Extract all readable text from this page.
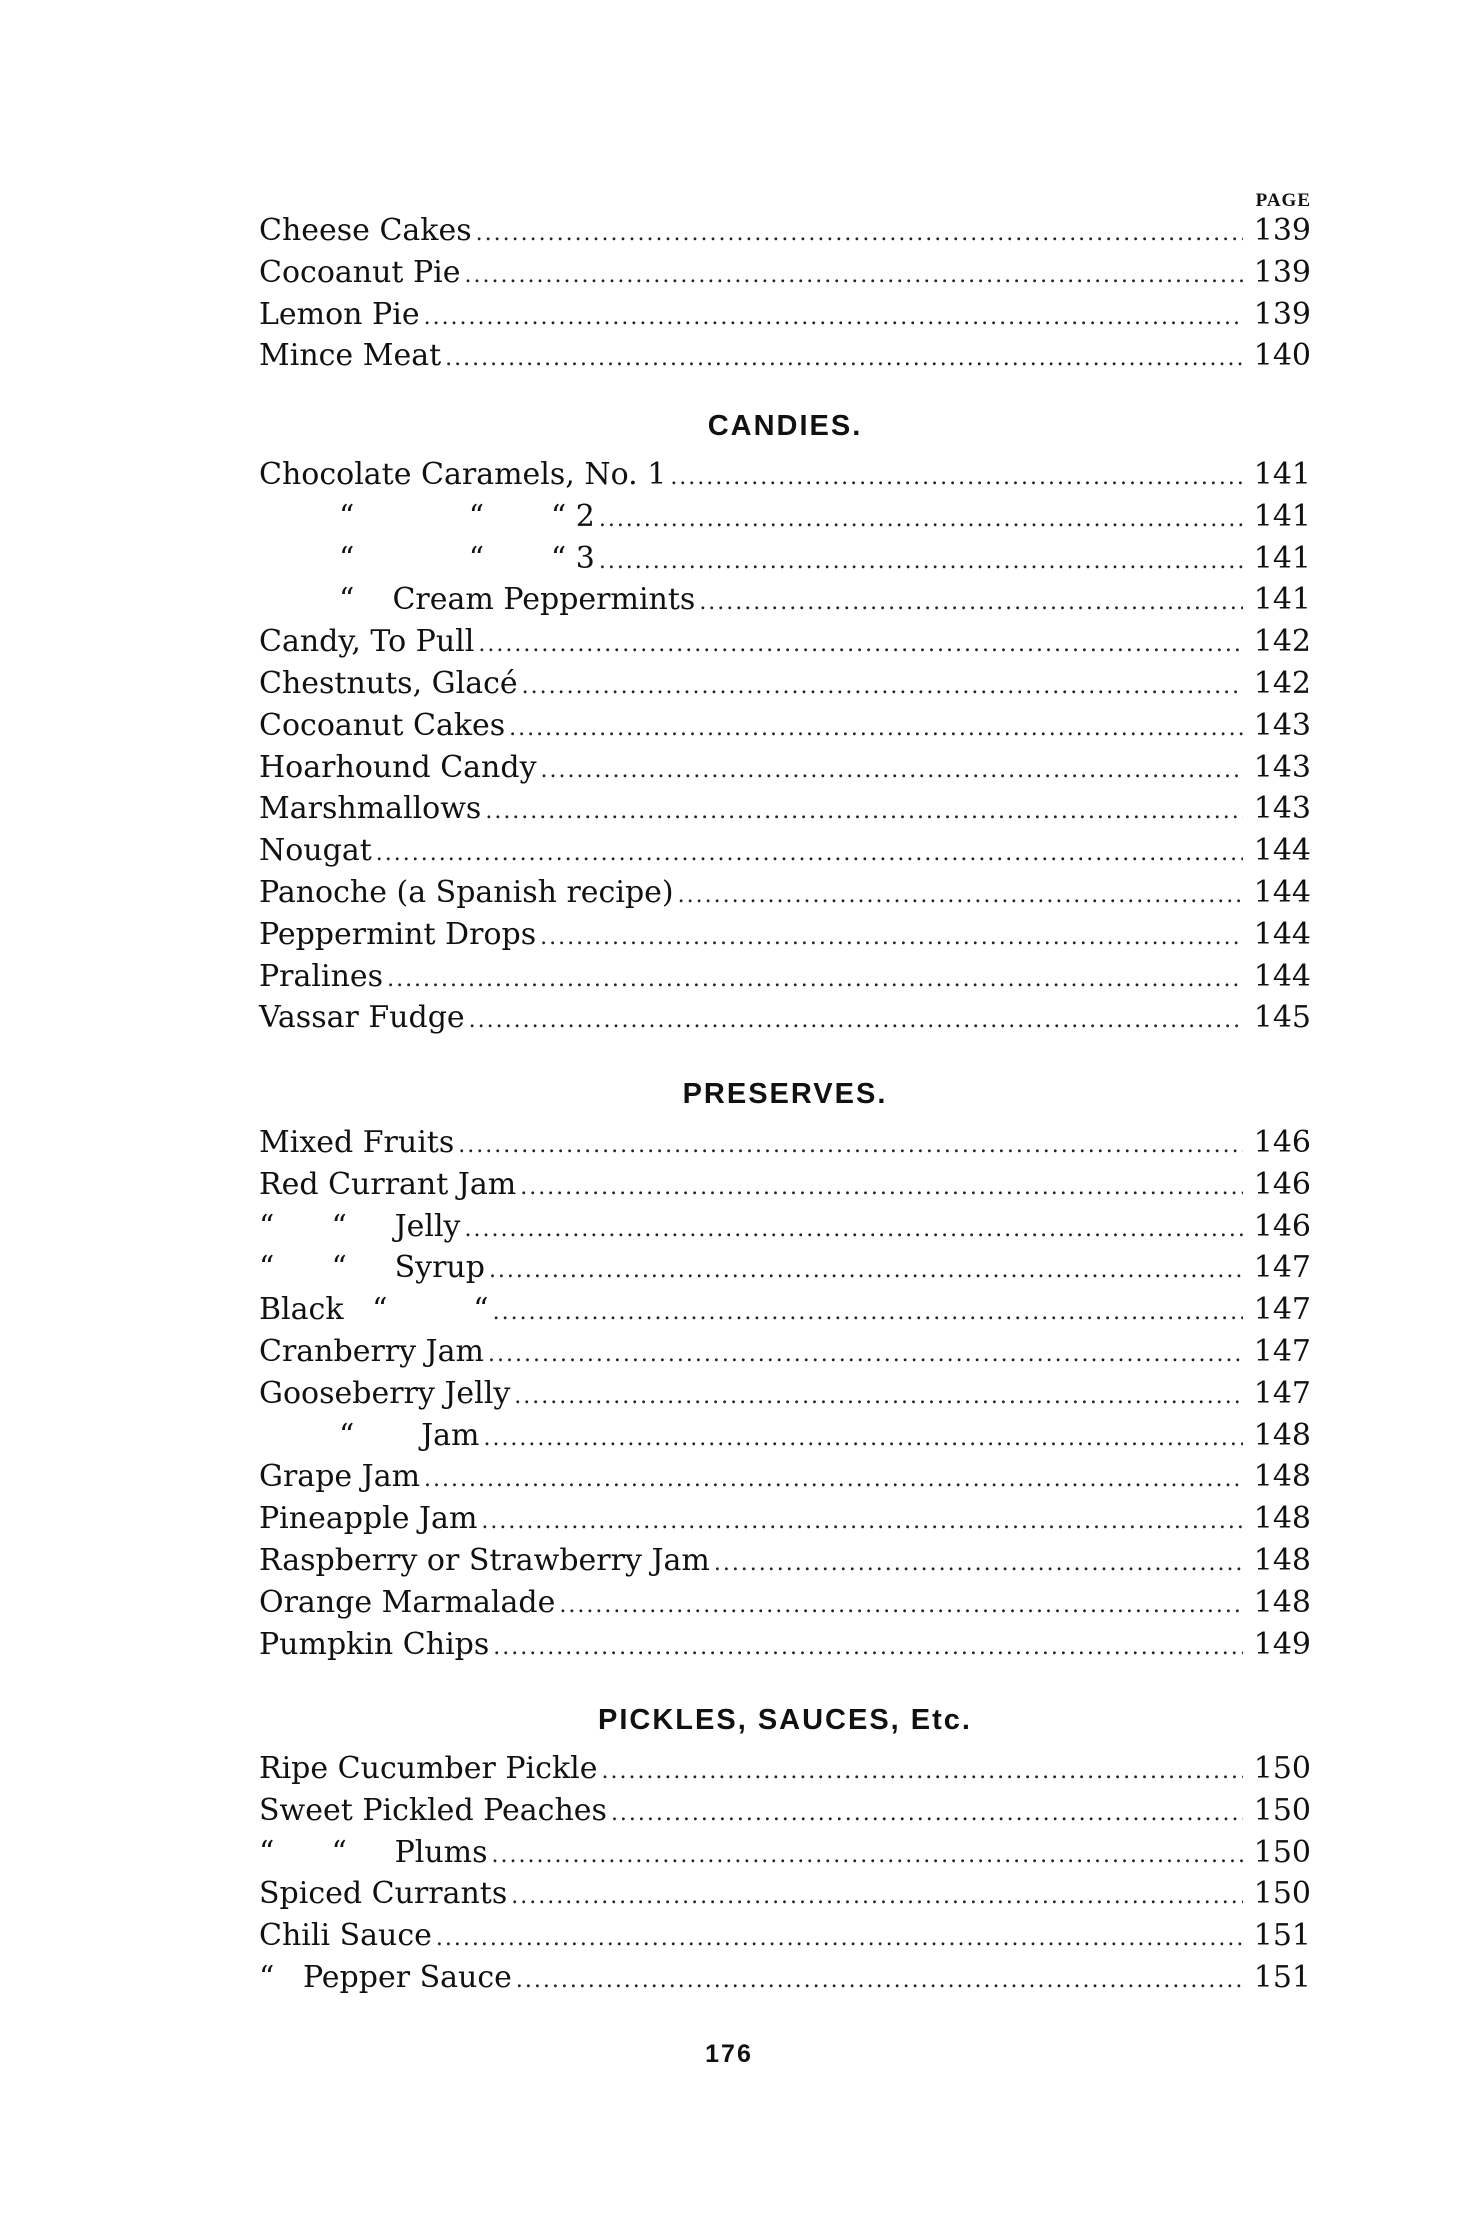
PAGE
Cheese Cakes .....	139
Cocoanut Pie .....	139
Lemon Pie .....	139
Mince Meat .....	140
CANDIES.
Chocolate Caramels, No. 1 .....	141
“            “       “ 2 .....	141
“            “       “ 3 .....	141
“    Cream Peppermints .....	141
Candy, To Pull .....	142
Chestnuts, Glacé .....	142
Cocoanut Cakes .....	143
Hoarhound Candy .....	143
Marshmallows .....	143
Nougat .....	144
Panoche (a Spanish recipe) .....	144
Peppermint Drops .....	144
Pralines .....	144
Vassar Fudge .....	145
PRESERVES.
Mixed Fruits .....	146
Red Currant Jam .....	146
“      “     Jelly .....	146
“      “     Syrup .....	147
Black   “         “ .....	147
Cranberry Jam .....	147
Gooseberry Jelly .....	147
“       Jam .....	148
Grape Jam .....	148
Pineapple Jam .....	148
Raspberry or Strawberry Jam .....	148
Orange Marmalade .....	148
Pumpkin Chips .....	149
PICKLES, SAUCES, Etc.
Ripe Cucumber Pickle .....	150
Sweet Pickled Peaches .....	150
“      “     Plums .....	150
Spiced Currants .....	150
Chili Sauce .....	151
“   Pepper Sauce .....	151
176
